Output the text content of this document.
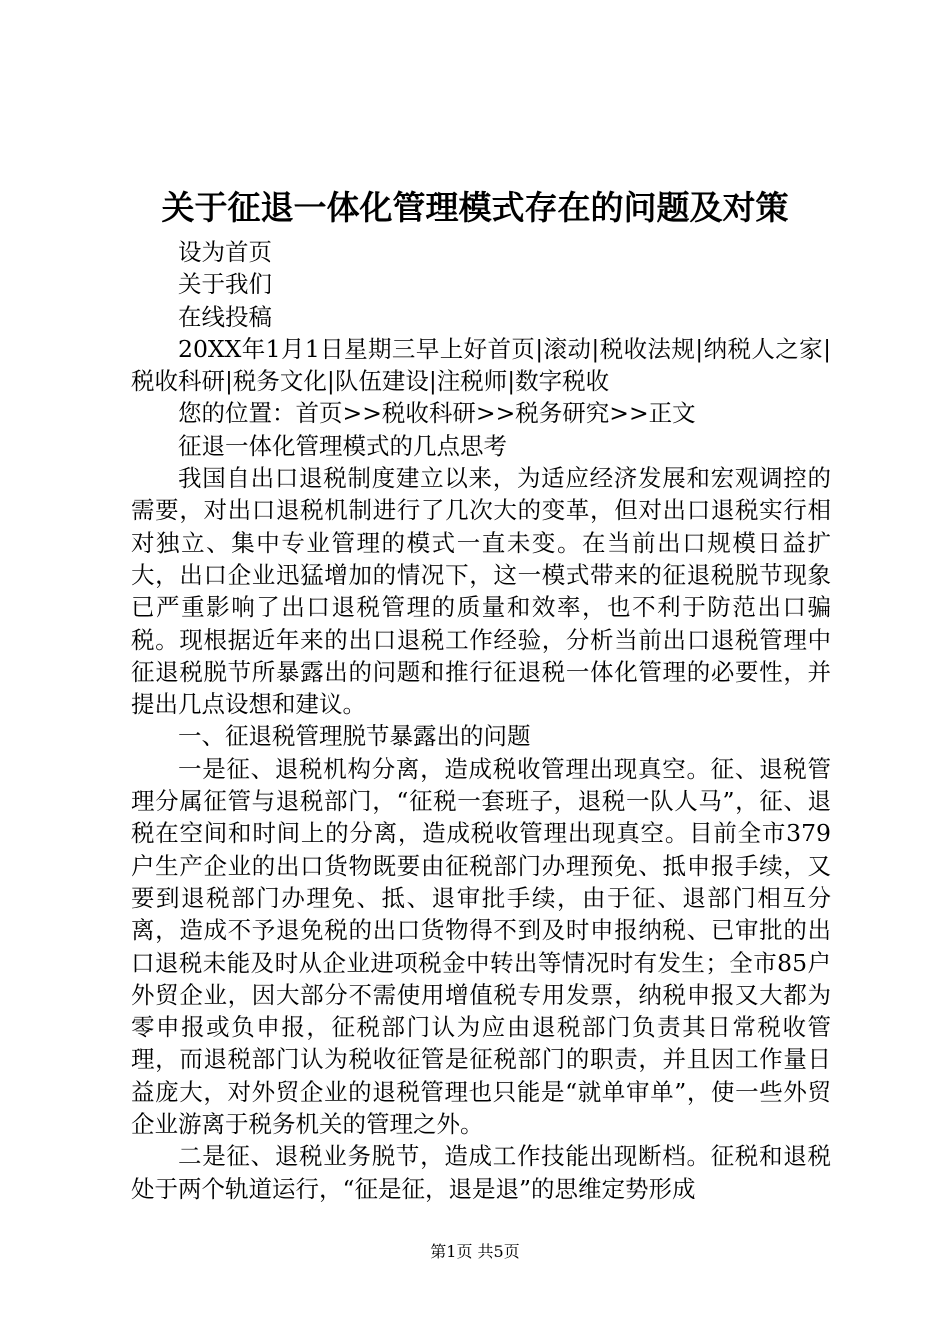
关于征退一体化管理模式存在的问题及对策

设为首页

关于我们

在线投稿

20XX年1月1日星期三早上好首页|滚动|税收法规|纳税人之家|税收科研|税务文化|队伍建设|注税师|数字税收

您的位置：首页>>税收科研>>税务研究>>正文

征退一体化管理模式的几点思考

我国自出口退税制度建立以来，为适应经济发展和宏观调控的需要，对出口退税机制进行了几次大的变革，但对出口退税实行相对独立、集中专业管理的模式一直未变。在当前出口规模日益扩大，出口企业迅猛增加的情况下，这一模式带来的征退税脱节现象已严重影响了出口退税管理的质量和效率，也不利于防范出口骗税。现根据近年来的出口退税工作经验，分析当前出口退税管理中征退税脱节所暴露出的问题和推行征退税一体化管理的必要性，并提出几点设想和建议。

一、征退税管理脱节暴露出的问题

一是征、退税机构分离，造成税收管理出现真空。征、退税管理分属征管与退税部门，“征税一套班子，退税一队人马”，征、退税在空间和时间上的分离，造成税收管理出现真空。目前全市379户生产企业的出口货物既要由征税部门办理预免、抵申报手续，又要到退税部门办理免、抵、退审批手续，由于征、退部门相互分离，造成不予退免税的出口货物得不到及时申报纳税、已审批的出口退税未能及时从企业进项税金中转出等情况时有发生；全市85户外贸企业，因大部分不需使用增值税专用发票，纳税申报又大都为零申报或负申报，征税部门认为应由退税部门负责其日常税收管理，而退税部门认为税收征管是征税部门的职责，并且因工作量日益庞大，对外贸企业的退税管理也只能是“就单审单”，使一些外贸企业游离于税务机关的管理之外。

二是征、退税业务脱节，造成工作技能出现断档。征税和退税处于两个轨道运行，“征是征，退是退”的思维定势形成

第1页 共5页
